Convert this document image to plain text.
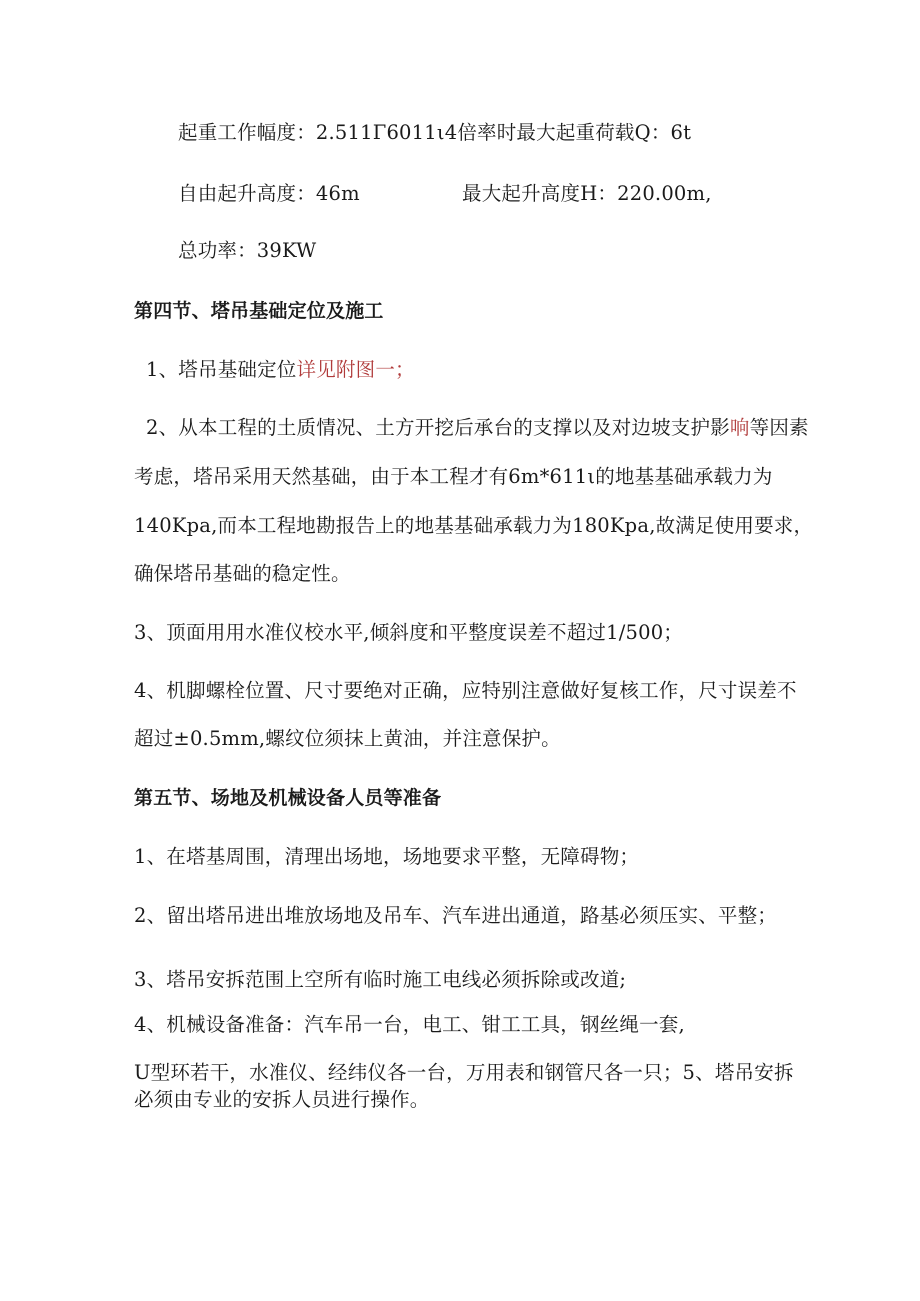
起重工作幅度：2.511Γ6011ι4倍率时最大起重荷载Q：6t
自由起升高度：46m	最大起升高度H：220.00m,
总功率：39KW
第四节、塔吊基础定位及施工
1、塔吊基础定位详见附图一；
2、从本工程的土质情况、土方开挖后承台的支撑以及对边坡支护影响等因素
考虑，塔吊采用天然基础，由于本工程才有6m*611ι的地基基础承载力为
140Kpa,而本工程地勘报告上的地基基础承载力为180Kpa,故满足使用要求，
确保塔吊基础的稳定性。
3、顶面用用水准仪校水平,倾斜度和平整度误差不超过1/500；
4、机脚螺栓位置、尺寸要绝对正确，应特别注意做好复核工作，尺寸误差不
超过±0.5mm,螺纹位须抹上黄油，并注意保护。
第五节、场地及机械设备人员等准备
1、在塔基周围，清理出场地，场地要求平整，无障碍物；
2、留出塔吊进出堆放场地及吊车、汽车进出通道，路基必须压实、平整；
3、塔吊安拆范围上空所有临时施工电线必须拆除或改道;
4、机械设备准备：汽车吊一台，电工、钳工工具，钢丝绳一套,
U型环若干，水准仪、经纬仪各一台，万用表和钢管尺各一只；5、塔吊安拆
必须由专业的安拆人员进行操作。
